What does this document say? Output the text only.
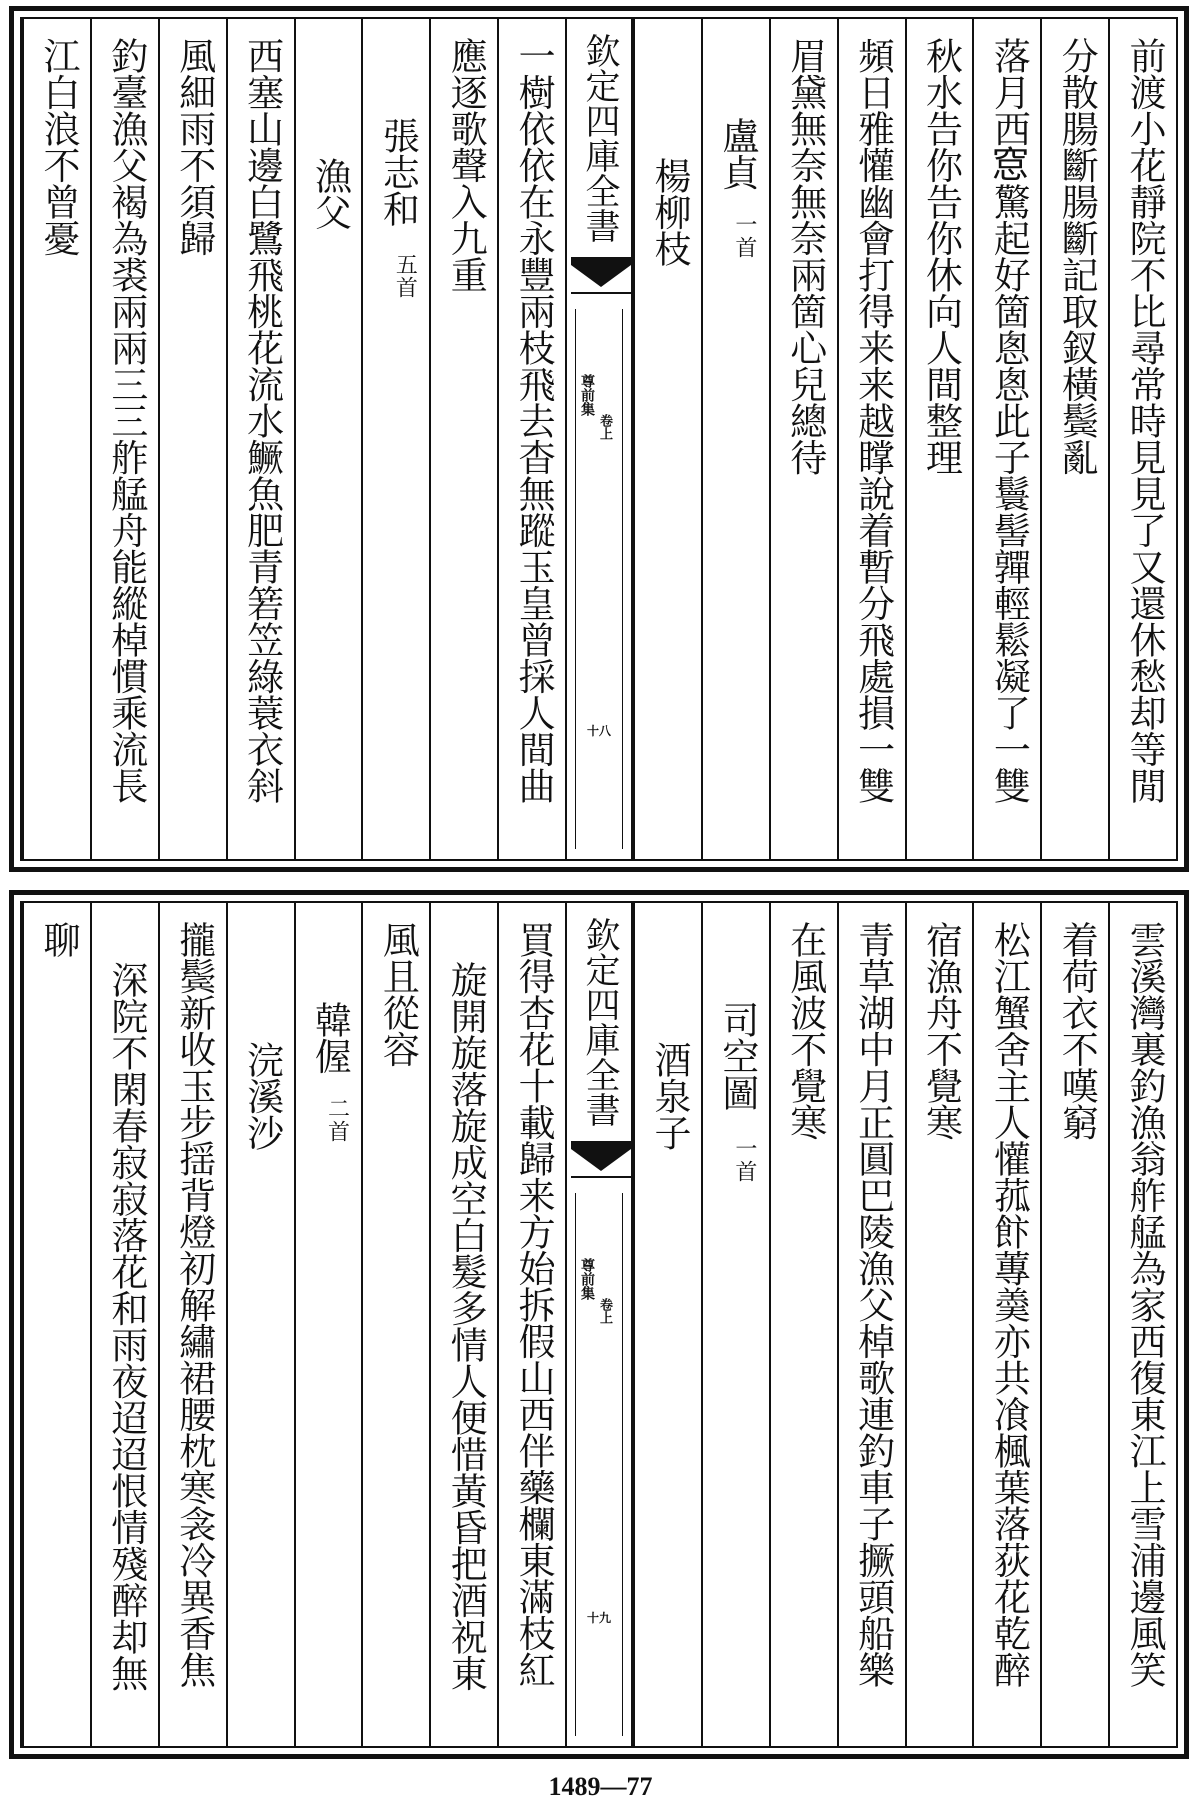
前渡小花靜院不比尋常時見見了又還休愁却等閒
分散腸斷腸斷記取釵橫鬓亂
落月西𥦗驚起好箇悤悤此子鬟髻嚲輕鬆凝了一雙
秋水告你告你休向人間整理
頻日雅懽幽會打得来来越𥋇說着暫分飛處損一雙
眉黛無奈無奈兩箇心兒總待
盧貞
一首
楊柳枝
一樹依依在永豐兩枝飛去杳無蹤玉皇曾採人間曲
應逐歌聲入九重
張志和
五首
漁父
西塞山邊白鷺飛桃花流水鱖魚肥青箬笠綠蓑衣斜
風細雨不須歸
釣臺漁父褐為裘兩兩三三舴艋舟能縱棹慣乘流長
江白浪不曾憂	欽定四庫全書
尊前集
卷上
十八
雲溪灣裏釣漁翁舴艋為家西復東江上雪浦邊風笑
着荷衣不嘆窮
松江蟹舍主人懽菰飰蓴羮亦共飡楓葉落荻花乾醉
宿漁舟不覺寒
青草湖中月正圓巴陵漁父棹歌連釣車子撅頭船樂
在風波不覺寒
司空圖
一首
酒泉子
買得杏花十載歸来方始拆假山西伴藥欄東滿枝紅
旋開旋落旋成空白髮多情人便惜黃昏把酒祝東
風且從容
韓偓
二首
浣溪沙
攏鬓新收玉步揺背燈初解繡裙腰枕寒衾冷異香焦
深院不閑春寂寂落花和雨夜迢迢恨情殘醉却無
聊	欽定四庫全書
尊前集
卷上
十九
1489—77
